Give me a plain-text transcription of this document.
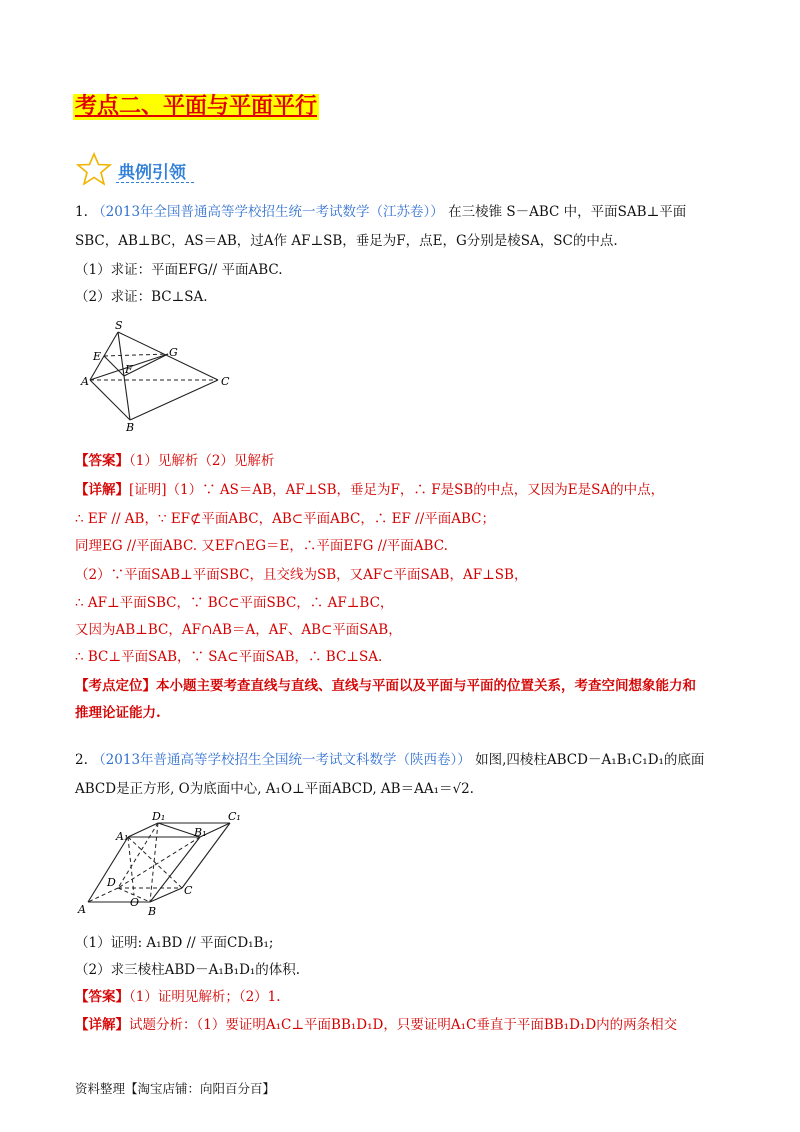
考点二、平面与平面平行
典例引领
1. （2013年全国普通高等学校招生统一考试数学（江苏卷）） 在三棱锥 S－ABC 中，平面SAB⊥平面
SBC，AB⊥BC，AS＝AB，过A作 AF⊥SB，垂足为F，点E，G分别是棱SA，SC的中点.
（1）求证：平面EFG// 平面ABC.
（2）求证：BC⊥SA.
S
E	G
F
A	C
B
【答案】（1）见解析（2）见解析
【详解】[证明]（1）∵ AS＝AB，AF⊥SB，垂足为F，∴ F是SB的中点，又因为E是SA的中点，
∴ EF // AB，∵ EF⊄平面ABC，AB⊂平面ABC，∴ EF //平面ABC；
同理EG //平面ABC. 又EF∩EG＝E，∴平面EFG //平面ABC.
（2）∵平面SAB⊥平面SBC，且交线为SB，又AF⊂平面SAB，AF⊥SB，
∴ AF⊥平面SBC，∵ BC⊂平面SBC，∴ AF⊥BC，
又因为AB⊥BC，AF∩AB＝A，AF、AB⊂平面SAB，
∴ BC⊥平面SAB，∵ SA⊂平面SAB，∴ BC⊥SA.
【考点定位】本小题主要考查直线与直线、直线与平面以及平面与平面的位置关系，考查空间想象能力和
推理论证能力.
2. （2013年普通高等学校招生全国统一考试文科数学（陕西卷）） 如图,四棱柱ABCD－A₁B₁C₁D₁的底面
ABCD是正方形, O为底面中心, A₁O⊥平面ABCD, AB＝AA₁＝√2.
D₁	C₁
A₁	B₁
D
C
A
O
B
（1）证明: A₁BD // 平面CD₁B₁;
（2）求三棱柱ABD－A₁B₁D₁的体积.
【答案】（1）证明见解析；（2）1.
【详解】试题分析：（1）要证明A₁C⊥平面BB₁D₁D，只要证明A₁C垂直于平面BB₁D₁D内的两条相交
资料整理【淘宝店铺：向阳百分百】
